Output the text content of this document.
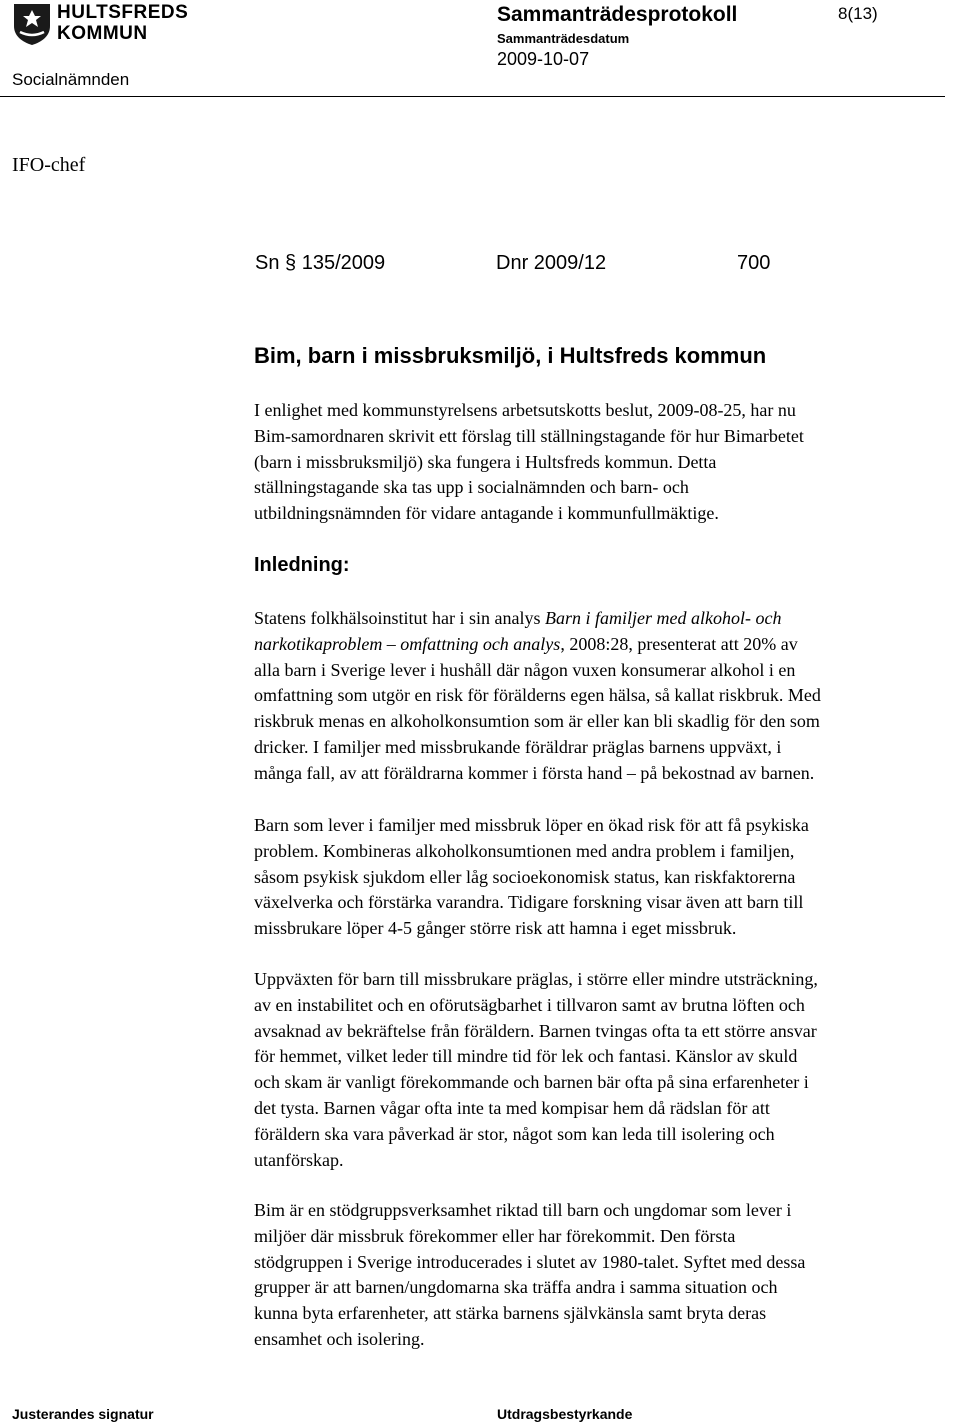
HULTSFREDS
KOMMUN
Socialnämnden
Sammanträdesprotokoll
Sammanträdesdatum
2009-10-07
8(13)
IFO-chef
Sn § 135/2009	Dnr 2009/12	700
Bim, barn i missbruksmiljö, i Hultsfreds kommun
I enlighet med kommunstyrelsens arbetsutskotts beslut, 2009-08-25, har nu
Bim-samordnaren skrivit ett förslag till ställningstagande för hur Bimarbetet
(barn i missbruksmiljö) ska fungera i Hultsfreds kommun. Detta
ställningstagande ska tas upp i socialnämnden och barn- och
utbildningsnämnden för vidare antagande i kommunfullmäktige.
Inledning:
Statens folkhälsoinstitut har i sin analys Barn i familjer med alkohol- och
narkotikaproblem – omfattning och analys, 2008:28, presenterat att 20% av
alla barn i Sverige lever i hushåll där någon vuxen konsumerar alkohol i en
omfattning som utgör en risk för förälderns egen hälsa, så kallat riskbruk. Med
riskbruk menas en alkoholkonsumtion som är eller kan bli skadlig för den som
dricker. I familjer med missbrukande föräldrar präglas barnens uppväxt, i
många fall, av att föräldrarna kommer i första hand – på bekostnad av barnen.
Barn som lever i familjer med missbruk löper en ökad risk för att få psykiska
problem. Kombineras alkoholkonsumtionen med andra problem i familjen,
såsom psykisk sjukdom eller låg socioekonomisk status, kan riskfaktorerna
växelverka och förstärka varandra. Tidigare forskning visar även att barn till
missbrukare löper 4-5 gånger större risk att hamna i eget missbruk.
Uppväxten för barn till missbrukare präglas, i större eller mindre utsträckning,
av en instabilitet och en oförutsägbarhet i tillvaron samt av brutna löften och
avsaknad av bekräftelse från föräldern. Barnen tvingas ofta ta ett större ansvar
för hemmet, vilket leder till mindre tid för lek och fantasi. Känslor av skuld
och skam är vanligt förekommande och barnen bär ofta på sina erfarenheter i
det tysta. Barnen vågar ofta inte ta med kompisar hem då rädslan för att
föräldern ska vara påverkad är stor, något som kan leda till isolering och
utanförskap.
Bim är en stödgruppsverksamhet riktad till barn och ungdomar som lever i
miljöer där missbruk förekommer eller har förekommit. Den första
stödgruppen i Sverige introducerades i slutet av 1980-talet. Syftet med dessa
grupper är att barnen/ungdomarna ska träffa andra i samma situation och
kunna byta erfarenheter, att stärka barnens självkänsla samt bryta deras
ensamhet och isolering.
Justerandes signatur	Utdragsbestyrkande
